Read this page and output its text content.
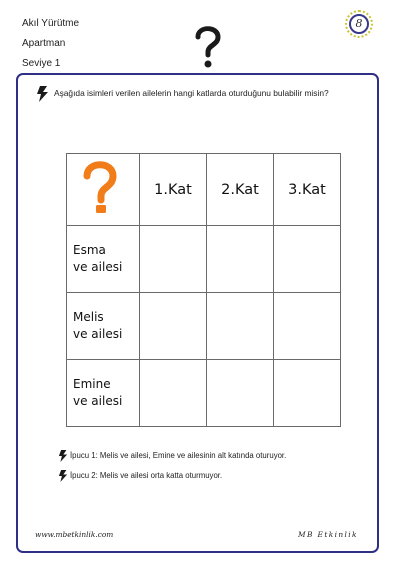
Akıl Yürütme
Apartman
Seviye 1
8
Aşağıda isimleri verilen ailelerin hangi katlarda oturduğunu bulabilir misin?
	1.Kat	2.Kat	3.Kat

Esma
ve ailesi			

Melis
ve ailesi			

Emine
ve ailesi			

İpucu 1: Melis ve ailesi, Emine ve ailesinin alt katında oturuyor.
İpucu 2: Melis ve ailesi orta katta oturmuyor.
www.mbetkinlik.com	MB Etkinlik
